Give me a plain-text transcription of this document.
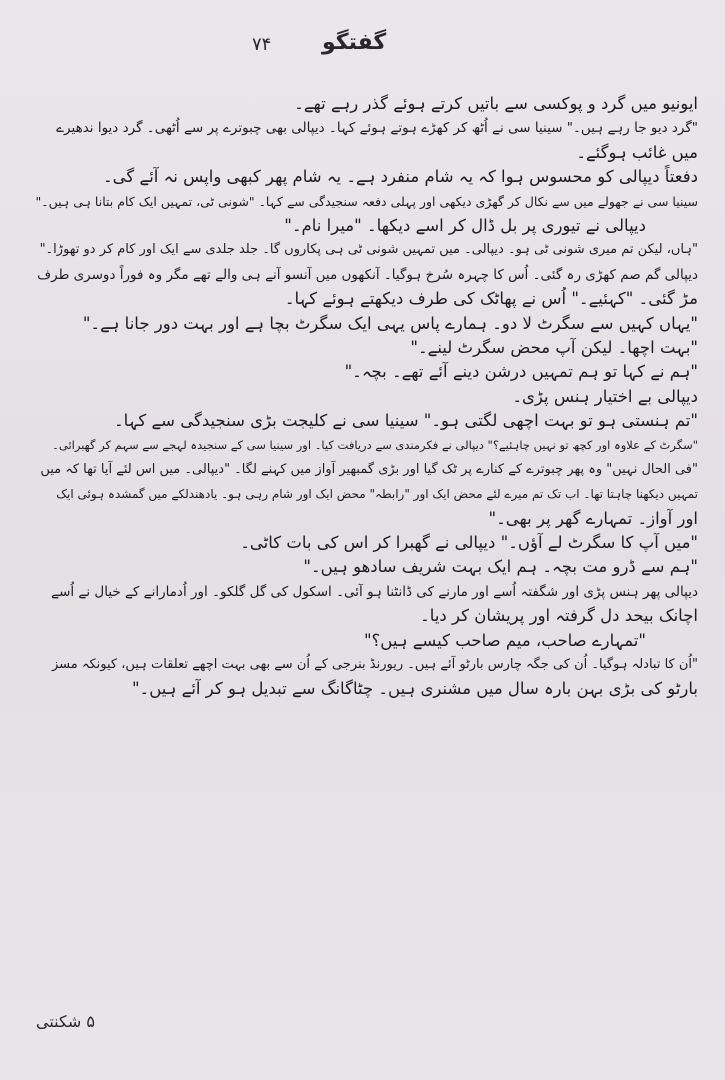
۷۴ گفتگو
ایونیو میں گرد و پوکسی سے باتیں کرتے ہوئے گذر رہے تھے۔
"گرد دیو جا رہے ہیں۔" سینیا سی نے اُٹھ کر کھڑے ہوتے ہوئے کہا۔ دیپالی بھی چبوترے پر سے اُٹھی۔ گرد دیوا ندھیرے
میں غائب ہوگئے۔
دفعتاً دیپالی کو محسوس ہوا کہ یہ شام منفرد ہے۔ یہ شام پھر کبھی واپس نہ آئے گی۔
سینیا سی نے جھولے میں سے نکال کر گھڑی دیکھی اور پہلی دفعہ سنجیدگی سے کہا۔ "شونی ٹی، تمہیں ایک کام بتانا ہی ہیں۔"
دیپالی نے تیوری پر بل ڈال کر اسے دیکھا۔ "میرا نام۔"
"ہاں، لیکن تم میری شونی ٹی ہو۔ دیپالی۔ میں تمہیں شونی ٹی ہی پکاروں گا۔ جلد جلدی سے ایک اور کام کر دو تھوڑا۔"
دیپالی گم صم کھڑی رہ گئی۔ اُس کا چہرہ سُرخ ہوگیا۔ آنکھوں میں آنسو آنے ہی والے تھے مگر وہ فوراً دوسری طرف
مڑ گئی۔ "کہئیے۔" اُس نے پھاٹک کی طرف دیکھتے ہوئے کہا۔
"یہاں کہیں سے سگرٹ لا دو۔ ہمارے پاس یہی ایک سگرٹ بچا ہے اور بہت دور جانا ہے۔"
"بہت اچھا۔ لیکن آپ محض سگرٹ لینے۔"
"ہم نے کہا تو ہم تمہیں درشن دینے آئے تھے۔ بچہ۔"
دیپالی بے اختیار ہنس پڑی۔
"تم ہنستی ہو تو بہت اچھی لگتی ہو۔" سینیا سی نے کلیجت بڑی سنجیدگی سے کہا۔
"سگرٹ کے علاوہ اور کچھ تو نہیں چاہئیے؟" دیپالی نے فکرمندی سے دریافت کیا۔ اور سینیا سی کے سنجیدہ لہجے سے سہم کر گھبرائی۔
"فی الحال نہیں" وہ پھر چبوترے کے کنارے پر ٹک گیا اور بڑی گمبھیر آواز میں کہنے لگا۔ "دیپالی۔ میں اس لئے آیا تھا کہ میں
تمہیں دیکھنا چاہتا تھا۔ اب تک تم میرے لئے محض ایک اور "رابطہ" محض ایک اور شام رہی ہو۔ یادھندلکے میں گمشدہ ہوئی ایک
اور آواز۔ تمہارے گھر پر بھی۔"
"میں آپ کا سگرٹ لے آؤں۔" دیپالی نے گھبرا کر اس کی بات کاٹی۔
"ہم سے ڈرو مت بچہ۔ ہم ایک بہت شریف سادھو ہیں۔"
دیپالی پھر ہنس پڑی اور شگفتہ اُسے اور مارنے کی ڈانٹنا ہو آئی۔ اسکول کی گل گلکو۔ اور اُدمارانے کے خیال نے اُسے
اچانک بیحد دل گرفتہ اور پریشان کر دیا۔
"تمہارے صاحب، میم صاحب کیسے ہیں؟"
"اُن کا تبادلہ ہوگیا۔ اُن کی جگہ چارس بارٹو آئے ہیں۔ ریورنڈ بنرجی کے اُن سے بھی بہت اچھے تعلقات ہیں، کیونکہ مسز
بارٹو کی بڑی بہن بارہ سال میں مشنری ہیں۔ چٹاگانگ سے تبدیل ہو کر آئے ہیں۔"
۵ شکنتی
